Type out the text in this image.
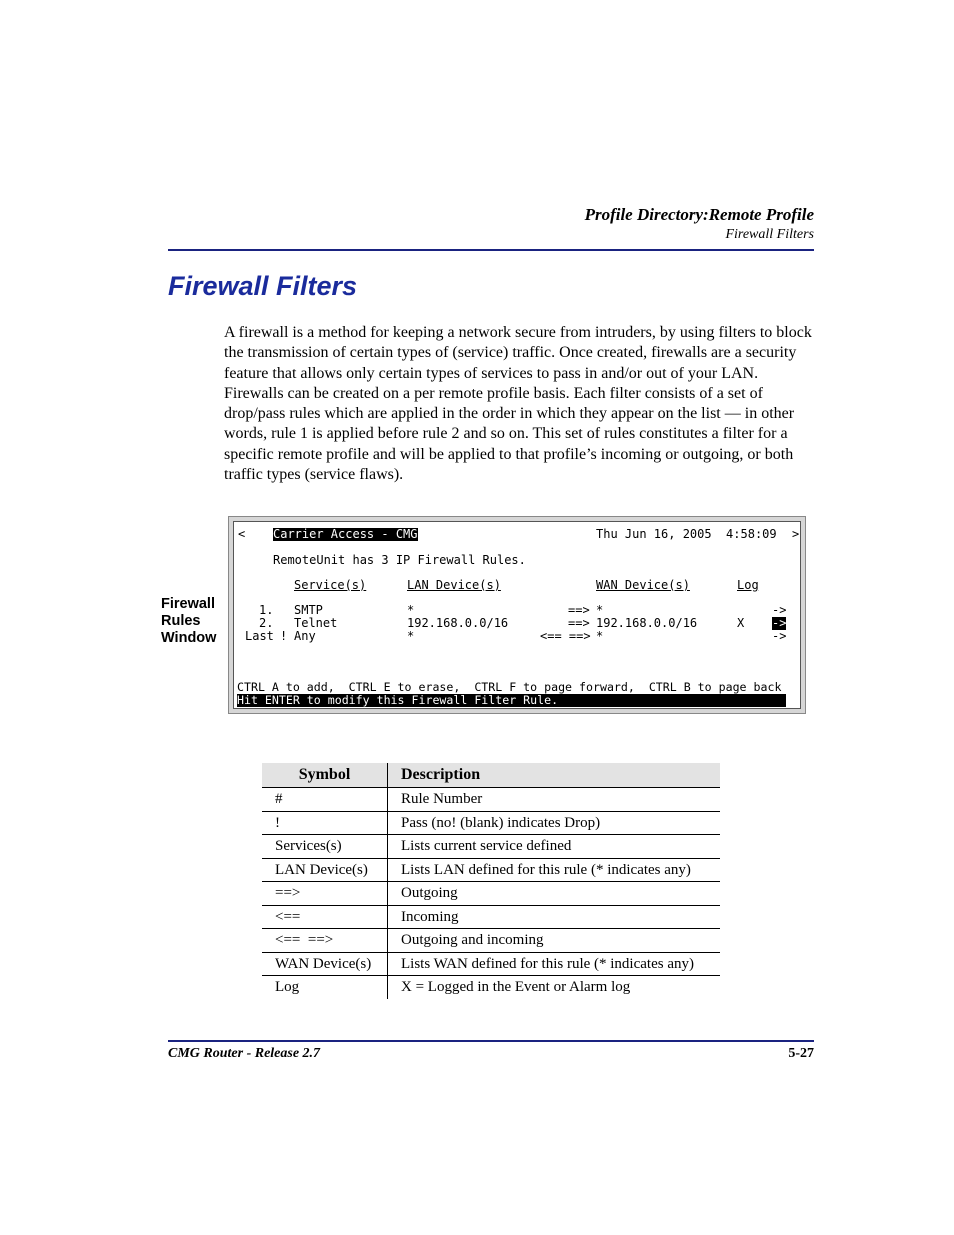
Profile Directory:Remote Profile
Firewall Filters
Firewall Filters

A firewall is a method for keeping a network secure from intruders, by using filters to block the transmission of certain types of (service) traffic. Once created, firewalls are a security feature that allows only certain types of services to pass in and/or out of your LAN. Firewalls can be created on a per remote profile basis. Each filter consists of a set of drop/pass rules which are applied in the order in which they appear on the list — in other words, rule 1 is applied before rule 2 and so on. This set of rules constitutes a filter for a specific remote profile and will be applied to that profile’s incoming or outgoing, or both traffic types (service flaws).

Firewall Rules Window
< Carrier Access - CMG	Thu Jun 16, 2005  4:58:09 >
RemoteUnit has 3 IP Firewall Rules.
Service(s)	LAN Device(s)	WAN Device(s)	Log
1. SMTP	*	==> *	->
2. Telnet	192.168.0.0/16	==> 192.168.0.0/16	X ->
Last ! Any	*	<== ==> *	->
CTRL A to add,  CTRL E to erase,  CTRL F to page forward,  CTRL B to page back
Hit ENTER to modify this Firewall Filter Rule.
Symbol	Description
#	Rule Number
!	Pass (no! (blank) indicates Drop)
Services(s)	Lists current service defined
LAN Device(s)	Lists LAN defined for this rule (* indicates any)
==>	Outgoing
<==	Incoming
<==  ==>	Outgoing and incoming
WAN Device(s)	Lists WAN defined for this rule (* indicates any)
Log	X = Logged in the Event or Alarm log
CMG Router - Release 2.7	5-27
